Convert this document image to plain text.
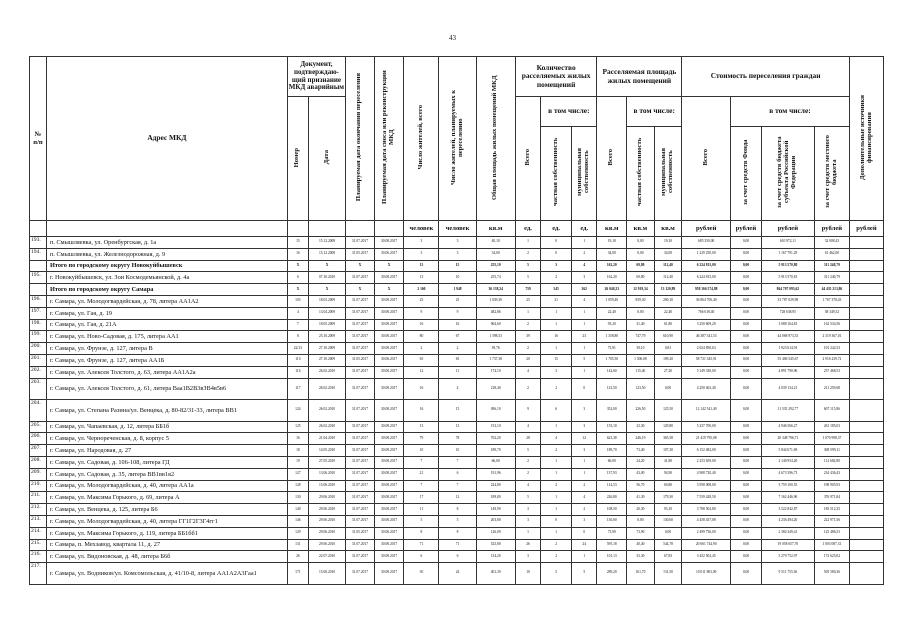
43
№
п/п	Адрес МКД	Документ, подтверждаю-щий признание МКД аварийным		Планируемая дата окончания переселения	Планируемая дата сноса или реконструкции МКД	Число жителей, всего	Число жителей, планируемых к переселению	Общая площадь жилых помещений МКД	Количество расселяемых жилых помещений			Расселяемая площадь жилых помещений			Стоимость переселения граждан				Дополнительные источники финансирования
		Номер	Дата						Всего	в том числе:		Всего	в том числе:		Всего	в том числе:			
										частная собственность	муниципальная собственность		частная собственность	муниципальная собственность		за счет средств Фонда	за счет средств бюджета субъекта Российской Федерации	за счет средств местного бюджета	
						человек	человек	кв.м	ед.	ед.	ед.	кв.м	кв.м	кв.м	рублей	рублей	рублей	рублей	рублей
193.	п. Смышляевка, ул. Оренбургская, д. 1а	15	15.12.2008	31.07.2017	30.08.2017	3	3	40,10	1	0	1	19,10	0,00	19,10	685 350,00	0,00	610 972,11	32 008,43	
194.	п. Смышляевка, ул. Железнодорожная, д. 9	16	15.12.2008	31.05.2017	30.06.2017	3	3	34,00	2	0	2	34,00	0,00	34,00	1 229 250,00	0,00	1 167 791,29	61 462,00	
	Итого по городскому округу Новокуйбышевск	X	X	X	X	15	15	255,10	5	3	4	162,20	69,80	112,40	6 224 815,00	0,00	5 913 570,80	311 240,79	
195.	г. Новокуйбышевск, ул. Зои Космодемьянской, д. 4а	6	07.10.2010	31.07.2017	30.08.2017	13	10	255,74	5	2	3	162,20	69,80	112,40	6 224 815,00	0,00	5 913 570,81	311 240,79	
	Итого по городскому округу Самара	X	X	X	X	2 160	1 948	36 138,24	759	545	262	26 040,23	12 919,34	13 120,89	958 166 574,88	0,00	864 707 095,62	44 435 213,86	
196.	г. Самара, ул. Молодогвардейская, д. 78, литера АА1А2	103	18.03.2009	31.07.2017	30.08.2017	25	25	1 039,30	25	21	4	1 059,40	839,30	200,10	36 864 706,40	0,00	33 787 029,98	1 767 378,43	
197.	г. Самара, ул. Гая, д. 19	4	13.04.2009	31.07.2017	30.08.2017	9	9	482,86	1	1	1	22,40	0,00	22,40	766 618,40	0,00	728 638,95	38 349,52	
198.	г. Самара, ул. Гая, д. 21А	7	18.05.2009	31.07.2017	30.08.2017	16	16	964,60	2	1	1	93,20	31,40	61,80	3 250 609,20	0,00	3 088 164,81	162 534,56	
199.	г. Самара, ул. Ново-Садовая, д. 175, литера АА1	8	25.10.2009	31.07.2017	30.08.2017	80	67	1 598,53	39	16	23	1 358,80	747,79	610,90	46 387 341,53	0,00	44 068 973,53	2 319 367,01	
200.	г. Самара, ул. Фрунзе, д. 127, литера В	22/13	27.10.2009	31.07.2017	30.08.2017	2	2	39,76	2	1	1	73,91	39,10	0,81	2 024 850,63	0,00	1 923 614,91	101 242,53	
201.	г. Самара, ул. Фрунзе, д. 127, литера АА1Б	110	27.10.2009	31.05.2017	30.06.2017	65	65	1 737,38	20	15	5	1 705,50	1 506,08	199,20	58 731 345,91	0,00	55 406 545,67	2 916 239,72	
202.	г. Самара, ул. Алексея Толстого, д. 63, литера АА1А2а	116	26.02.2010	31.07.2017	30.08.2017	12	11	174,10	4	3	1	142,60	115,40	27,20	5 149 330,00	0,00	4 891 790,96	257 468,53	
203.	г. Самара, ул. Алексея Толстого, д. 61, литера Ваа1В2В3вЗВ4в5в6	117	26.02.2010	31.07.2017	30.08.2017	16	4	218,40	2	2	0	123,50	123,50	0,00	4 250 463,40	0,00	4 039 134,21	211 259,68	
204.	г. Самара, ул. Степана Разина/ул. Венцека, д. 80-82/31-33, литера ВВ1	124	26.02.2010	31.07.2017	30.08.2017	16	15	496,10	9	6	3	352,00	226,50	125,50	12 142 541,40	0,00	11 535 292,77	607 115,86	
205.	г. Самара, ул. Чапаевская, д. 12, литера ББ1б	125	26.02.2010	31.07.2017	30.08.2017	13	13	153,10	4	1	3	153,10	23,30	129,80	5 237 700,00	0,00	4 946 566,27	261 185,03	
206.	г. Самара, ул. Чернореченская, д. 8, корпус 5	16	21.04.2010	31.07.2017	30.08.2017	79	78	702,20	28	4	12	623,38	246,19	365,58	21 419 795,08	0,00	20 348 796,71	1 070 998,37	
207.	г. Самара, ул. Народовая, д. 27	18	14.05.2010	31.07.2017	30.08.2017	10	10	189,70	5	2	3	189,70	73,40	107,30	6 152 482,00	0,00	5 844 671,69	308 599,11	
208.	г. Самара, ул. Садовая, д. 106-108, литера ГД	19	27.05.2010	31.07.2017	30.08.2017	7	7	66,00	2	1	1	66,00	24,20	41,80	2 253 659,00	0,00	2 140 954,20	112 682,80	
209.	г. Самара, ул. Садовая, д. 35, литера ВВ1вв1в2	127	13.06.2010	31.07.2017	30.08.2017	21	6	191,96	2	1	1	137,93	43,00	94,90	4 908 720,40	0,00	4 673 396,73	234 436,43	
210.	г. Самара, ул. Молодогвардейская, д. 40, литера АА1а	128	15.06.2010	31.07.2017	30.08.2017	7	7	224,80	4	2	2	114,53	56,70	60,80	3 958 008,00	0,00	3 759 100,55	198 905,93	
211.	г. Самара, ул. Максима Горького, д. 69, литера А	130	29.06.2010	31.07.2017	30.08.2017	17	12	189,80	5	1	4	226,80	41,30	179,30	7 539 428,50	0,00	7 162 446,96	376 971,84	
212.	г. Самара, ул. Венцека, д. 125, литера Б6	140	29.06.2010	31.07.2017	30.08.2017	11	8	149,90	3	1	2	108,50	20,30	93,10	3 708 502,80	0,00	3 522 842,87	185 512,35	
213.	г. Самара, ул. Молодогвардейская, д. 40, литера ГГ1Г2Г3Г4гг1	146	29.06.2010	31.07.2017	30.08.2017	5	5	203,80	3	0	3	130,60	0,00	130,60	4 458 457,08	0,00	4 236 494,20	222 971,56	
214.	г. Самара, ул. Максима Горького, д. 119, литера ББ1бб1	129	29.06.2010	31.05.2017	30.06.2017	8	8	126,00	1	1	0	73,90	73,90	0,00	2 499 736,00	0,00	2 384 349,41	125 486,53	
215.	г. Самара, п. Мехзавод, квартала 11, д. 27	131	29.06.2010	31.07.2017	30.08.2017	71	71	523,80	26	2	24	595,18	40,40	544,78	20 061 744,90	0,00	19 058 657,70	1 003 087,31	
216.	г. Самара, ул. Видоновская, д. 48, литера Б6б	26	22.07.2010	31.07.2017	30.08.2017	6	6	134,20	3	2	1	101,13	33,30	67,83	3 452 502,45	0,00	3 279 752,97	172 625,02	
217.	г. Самара, ул. Водников/ул. Комсомольская, д. 41/10-8, литера АА1А2А3Гаа1	171	15.06.2010	31.07.2017	30.08.2017	30	24	401,30	10	5	5	289,20	161,70	131,50	10 011 803,00	0,00	9 511 755,36	505 580,36	
